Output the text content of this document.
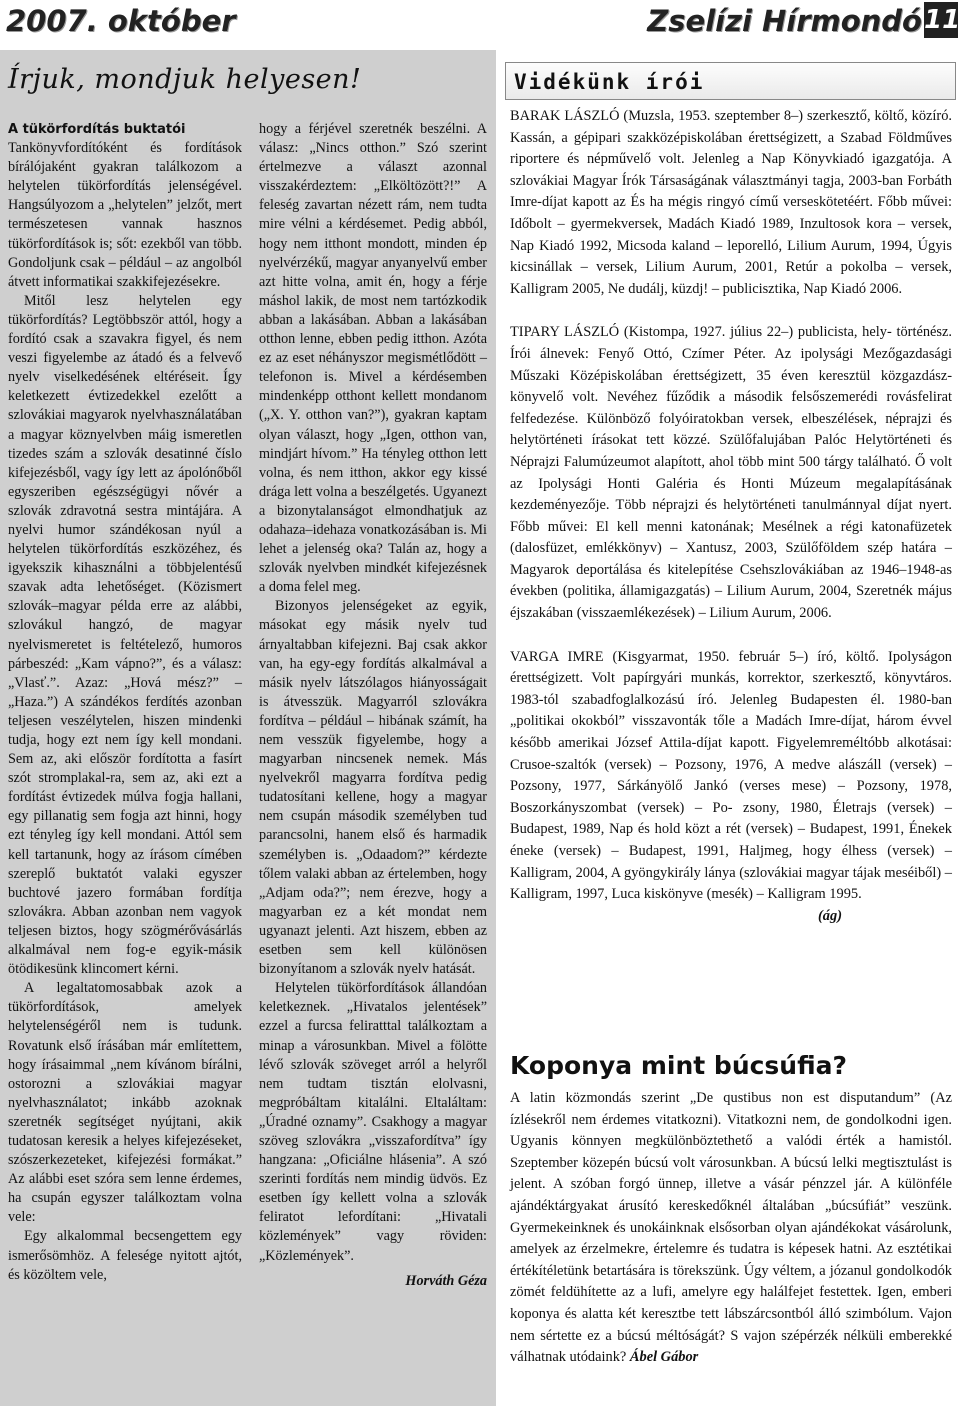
2007. október	Zselízi Hírmondó 11
Írjuk, mondjuk helyesen!

A tükörfordítás buktatói

Tankönyvfordítóként és fordítások bírálójaként gyakran találkozom a helytelen tükörfordítás jelenségével. Hangsúlyozom a „helytelen” jelzőt, mert természetesen vannak hasznos tükörfordítások is; sőt: ezekből van több. Gondoljunk csak – például – az angolból átvett informatikai szakkifejezésekre.

Mitől lesz helytelen egy tükörfordítás? Legtöbbször attól, hogy a fordító csak a szavakra figyel, és nem veszi figyelembe az átadó és a felvevő nyelv viselkedésének eltéréseit. Így keletkezett évtizedekkel ezelőtt a szlovákiai magyarok nyelvhasználatában a magyar köznyelvben máig ismeretlen tizedes szám a szlovák desatinné číslo kifejezésből, vagy így lett az ápolónőből egyszeriben egészségügyi nővér a szlovák zdravotná sestra mintájára. A nyelvi humor szándékosan nyúl a helytelen tükörfordítás eszközéhez, és igyekszik kihasználni a többjelentésű szavak adta lehetőséget. (Közismert szlovák–magyar példa erre az alábbi, szlovákul hangzó, de magyar nyelvismeretet is feltételező, humoros párbeszéd: „Kam vápno?”, és a válasz: „Vlasť.”. Azaz: „Hová mész?” – „Haza.”) A szándékos ferdítés azonban teljesen veszélytelen, hiszen mindenki tudja, hogy ezt nem így kell mondani. Sem az, aki először fordította a fasírt szót stromplakal-ra, sem az, aki ezt a fordítást évtizedek múlva fogja hallani, egy pillanatig sem fogja azt hinni, hogy ezt tényleg így kell mondani. Attól sem kell tartanunk, hogy az írásom címében szereplő buktatót valaki egyszer buchtové jazero formában fordítja szlovákra. Abban azonban nem vagyok teljesen biztos, hogy szögmérővásárlás alkalmával nem fog-e egyik-másik ötödikesünk klincomert kérni.

A legaltatomosabbak azok a tükörfordítások, amelyek helytelenségéről nem is tudunk. Rovatunk első írásában már említettem, hogy írásaimmal „nem kívánom bírálni, ostorozni a szlovákiai magyar nyelvhasználatot; inkább azoknak szeretnék segítséget nyújtani, akik tudatosan keresik a helyes kifejezéseket, szószerkezeteket, kifejezési formákat.” Az alábbi eset szóra sem lenne érdemes, ha csupán egyszer találkoztam volna vele:

Egy alkalommal becsengettem egy ismerősömhöz. A felesége nyitott ajtót, és közöltem vele,

hogy a férjével szeretnék beszélni. A válasz: „Nincs otthon.” Szó szerint értelmezve a választ azonnal visszakérdeztem: „Elköltözött?!” A feleség zavartan nézett rám, nem tudta mire vélni a kérdésemet. Pedig abból, hogy nem itthont mondott, minden ép nyelvérzékű, magyar anyanyelvű ember azt hitte volna, amit én, hogy a férje máshol lakik, de most nem tartózkodik abban a lakásában. Abban a lakásában otthon lenne, ebben pedig itthon. Azóta ez az eset néhányszor megismétlődött – telefonon is. Mivel a kérdésemben mindenképp otthont kellett mondanom („X. Y. otthon van?”), gyakran kaptam olyan választ, hogy „Igen, otthon van, mindjárt hívom.” Ha tényleg otthon lett volna, és nem itthon, akkor egy kissé drága lett volna a beszélgetés. Ugyanezt a bizonytalanságot elmondhatjuk az odahaza–idehaza vonatkozásában is. Mi lehet a jelenség oka? Talán az, hogy a szlovák nyelvben mindkét kifejezésnek a doma felel meg.

Bizonyos jelenségeket az egyik, másokat egy másik nyelv tud árnyaltabban kifejezni. Baj csak akkor van, ha egy-egy fordítás alkalmával a másik nyelv látszólagos hiányosságait is átvesszük. Magyarról szlovákra fordítva – például – hibának számít, ha nem vesszük figyelembe, hogy a magyarban nincsenek nemek. Más nyelvekről magyarra fordítva pedig tudatosítani kellene, hogy a magyar nem csupán második személyben tud parancsolni, hanem első és harmadik személyben is. „Odaadom?” kérdezte tőlem valaki abban az értelemben, hogy „Adjam oda?”; nem érezve, hogy a magyarban ez a két mondat nem ugyanazt jelenti. Azt hiszem, ebben az esetben sem kell különösen bizonyítanom a szlovák nyelv hatását.

Helytelen tükörfordítások állandóan keletkeznek. „Hivatalos jelentések” ezzel a furcsa feliratttal találkoztam a minap a városunkban. Mivel a fölötte lévő szlovák szöveget arról a helyről nem tudtam tisztán elolvasni, megpróbáltam kitalálni. Eltaláltam: „Úradné oznamy”. Csakhogy a magyar szöveg szlovákra „visszafordítva” így hangzana: „Oficiálne hlásenia”. A szó szerinti fordítás nem mindig üdvös. Ez esetben így kellett volna a szlovák feliratot lefordítani: „Hivatali közlemények” vagy röviden: „Közlemények”.

Horváth Géza

Vidékünk írói

BARAK LÁSZLÓ (Muzsla, 1953. szeptember 8–) szerkesztő, költő, közíró. Kassán, a gépipari szakközépiskolában érettségizett, a Szabad Földműves riportere és népművelő volt. Jelenleg a Nap Könyvkiadó igazgatója. A szlovákiai Magyar Írók Társaságának választmányi tagja, 2003-ban Forbáth Imre-díjat kapott az És ha mégis ringyó című verseskötetéért. Főbb művei: Időbolt – gyermekversek, Madách Kiadó 1989, Inzultosok kora – versek, Nap Kiadó 1992, Micsoda kaland – leporelló, Lilium Aurum, 1994, Úgyis kicsinállak – versek, Lilium Aurum, 2001, Retúr a pokolba – versek, Kalligram 2005, Ne dudálj, küzdj! – publicisztika, Nap Kiadó 2006.

TIPARY LÁSZLÓ (Kistompa, 1927. július 22–) publicista, hely- történész. Írói álnevek: Fenyő Ottó, Czímer Péter. Az ipolysági Mezőgazdasági Műszaki Középiskolában érettségizett, 35 éven keresztül közgazdász-könyvelő volt. Nevéhez fűződik a második felsőszemerédi rovásfelirat felfedezése. Különböző folyóiratokban versek, elbeszélések, néprajzi és helytörténeti írásokat tett közzé. Szülőfalujában Palóc Helytörténeti és Néprajzi Falumúzeumot alapított, ahol több mint 500 tárgy található. Ő volt az Ipolysági Honti Galéria és Honti Múzeum megalapításának kezdeményezője. Több néprajzi és helytörténeti tanulmánnyal díjat nyert. Főbb művei: El kell menni katonának; Mesélnek a régi katonafüzetek (dalosfüzet, emlékkönyv) – Xantusz, 2003, Szülőföldem szép határa – Magyarok deportálása és kitelepítése Csehszlovákiában az 1946–1948-as években (politika, államigazgatás) – Lilium Aurum, 2004, Szeretnék május éjszakában (visszaemlékezések) – Lilium Aurum, 2006.

VARGA IMRE (Kisgyarmat, 1950. február 5–) író, költő. Ipolyságon érettségizett. Volt papírgyári munkás, korrektor, szerkesztő, könyvtáros. 1983-tól szabadfoglalkozású író. Jelenleg Budapesten él. 1980-ban „politikai okokból” visszavonták tőle a Madách Imre-díjat, három évvel később amerikai József Attila-díjat kapott. Figyelemreméltóbb alkotásai: Crusoe-szaltók (versek) – Pozsony, 1976, A medve alászáll (versek) – Pozsony, 1977, Sárkányölő Jankó (verses mese) – Pozsony, 1978, Boszorkányszombat (versek) – Po- zsony, 1980, Életrajs (versek) – Budapest, 1989, Nap és hold közt a rét (versek) – Budapest, 1991, Énekek éneke (versek) – Budapest, 1991, Haljmeg, hogy élhess (versek) – Kalligram, 2004, A gyöngykirály lánya (szlovákiai magyar tájak meséiből) – Kalligram, 1997, Luca kiskönyve (mesék) – Kalligram 1995.

(ág)

Koponya mint búcsúfia?

A latin közmondás szerint „De qustibus non est disputandum” (Az ízlésekről nem érdemes vitatkozni). Vitatkozni nem, de gondolkodni igen. Ugyanis könnyen megkülönböztethető a valódi érték a hamistól. Szeptember közepén búcsú volt városunkban. A búcsú lelki megtisztulást is jelent. A szóban forgó ünnep, illetve a vásár pénzzel jár. A különféle ajándéktárgyakat árusító kereskedőknél általában „búcsúfiát” veszünk. Gyermekeinknek és unokáinknak elsősorban olyan ajándékokat vásárolunk, amelyek az érzelmekre, értelemre és tudatra is képesek hatni. Az esztétikai értékítéletünk betartására is törekszünk. Úgy véltem, a józanul gondolkodók zömét feldühítette az a lufi, amelyre egy halálfejet festettek. Igen, emberi koponya és alatta két keresztbe tett lábszárcsontból álló szimbólum. Vajon nem sértette ez a búcsú méltóságát? S vajon szépérzék nélküli emberekké válhatnak utódaink? Ábel Gábor
